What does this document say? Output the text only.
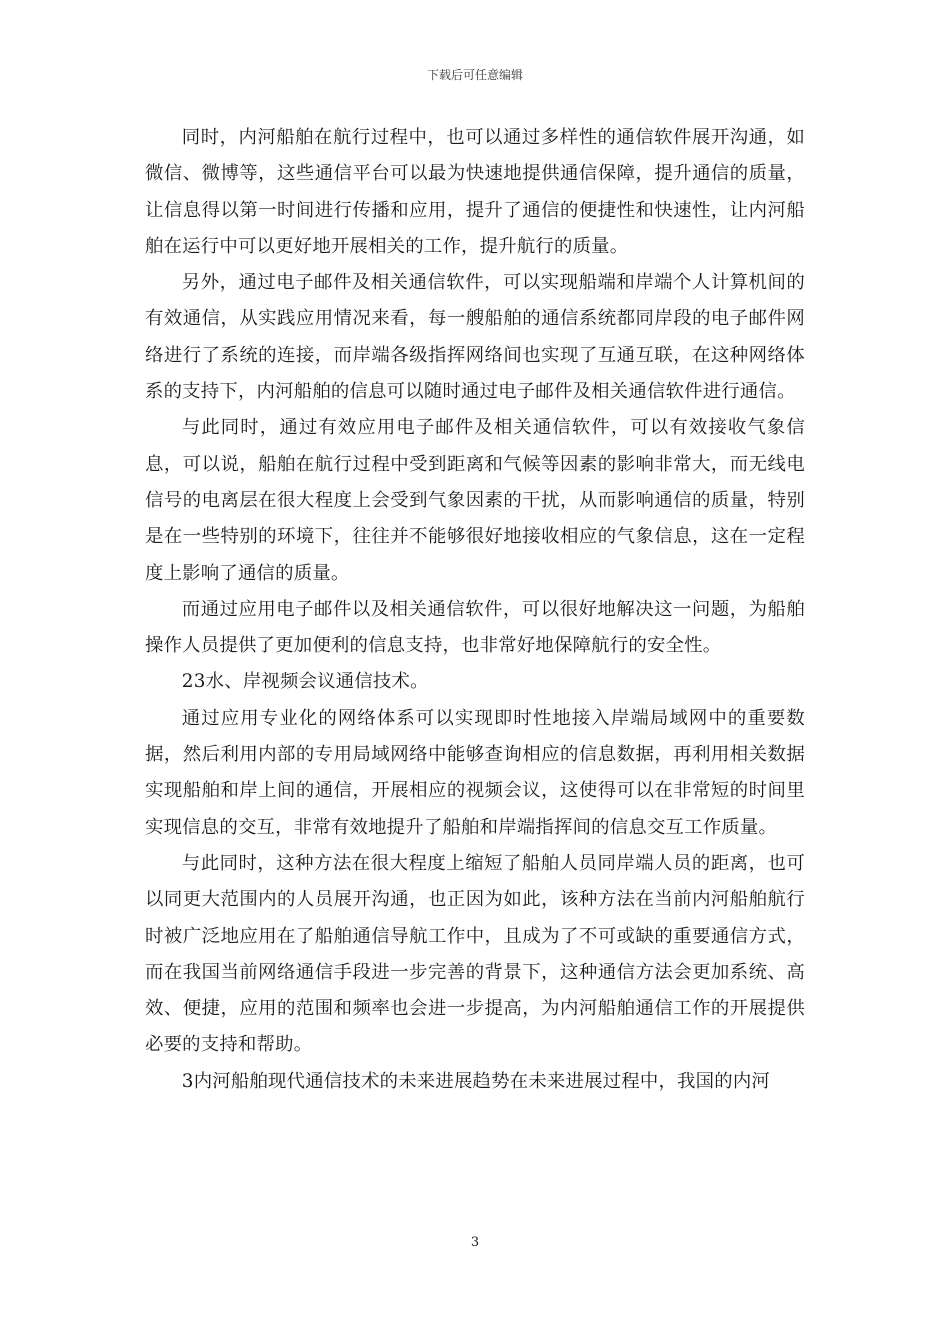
下载后可任意编辑

同时，内河船舶在航行过程中，也可以通过多样性的通信软件展开沟通，如微信、微博等，这些通信平台可以最为快速地提供通信保障，提升通信的质量，让信息得以第一时间进行传播和应用，提升了通信的便捷性和快速性，让内河船舶在运行中可以更好地开展相关的工作，提升航行的质量。

另外，通过电子邮件及相关通信软件，可以实现船端和岸端个人计算机间的有效通信，从实践应用情况来看，每一艘船舶的通信系统都同岸段的电子邮件网络进行了系统的连接，而岸端各级指挥网络间也实现了互通互联，在这种网络体系的支持下，内河船舶的信息可以随时通过电子邮件及相关通信软件进行通信。

与此同时，通过有效应用电子邮件及相关通信软件，可以有效接收气象信息，可以说，船舶在航行过程中受到距离和气候等因素的影响非常大，而无线电信号的电离层在很大程度上会受到气象因素的干扰，从而影响通信的质量，特别是在一些特别的环境下，往往并不能够很好地接收相应的气象信息，这在一定程度上影响了通信的质量。

而通过应用电子邮件以及相关通信软件，可以很好地解决这一问题，为船舶操作人员提供了更加便利的信息支持，也非常好地保障航行的安全性。

23水、岸视频会议通信技术。

通过应用专业化的网络体系可以实现即时性地接入岸端局域网中的重要数据，然后利用内部的专用局域网络中能够查询相应的信息数据，再利用相关数据实现船舶和岸上间的通信，开展相应的视频会议，这使得可以在非常短的时间里实现信息的交互，非常有效地提升了船舶和岸端指挥间的信息交互工作质量。

与此同时，这种方法在很大程度上缩短了船舶人员同岸端人员的距离，也可以同更大范围内的人员展开沟通，也正因为如此，该种方法在当前内河船舶航行时被广泛地应用在了船舶通信导航工作中，且成为了不可或缺的重要通信方式，而在我国当前网络通信手段进一步完善的背景下，这种通信方法会更加系统、高效、便捷，应用的范围和频率也会进一步提高，为内河船舶通信工作的开展提供必要的支持和帮助。

3内河船舶现代通信技术的未来进展趋势在未来进展过程中，我国的内河

3
